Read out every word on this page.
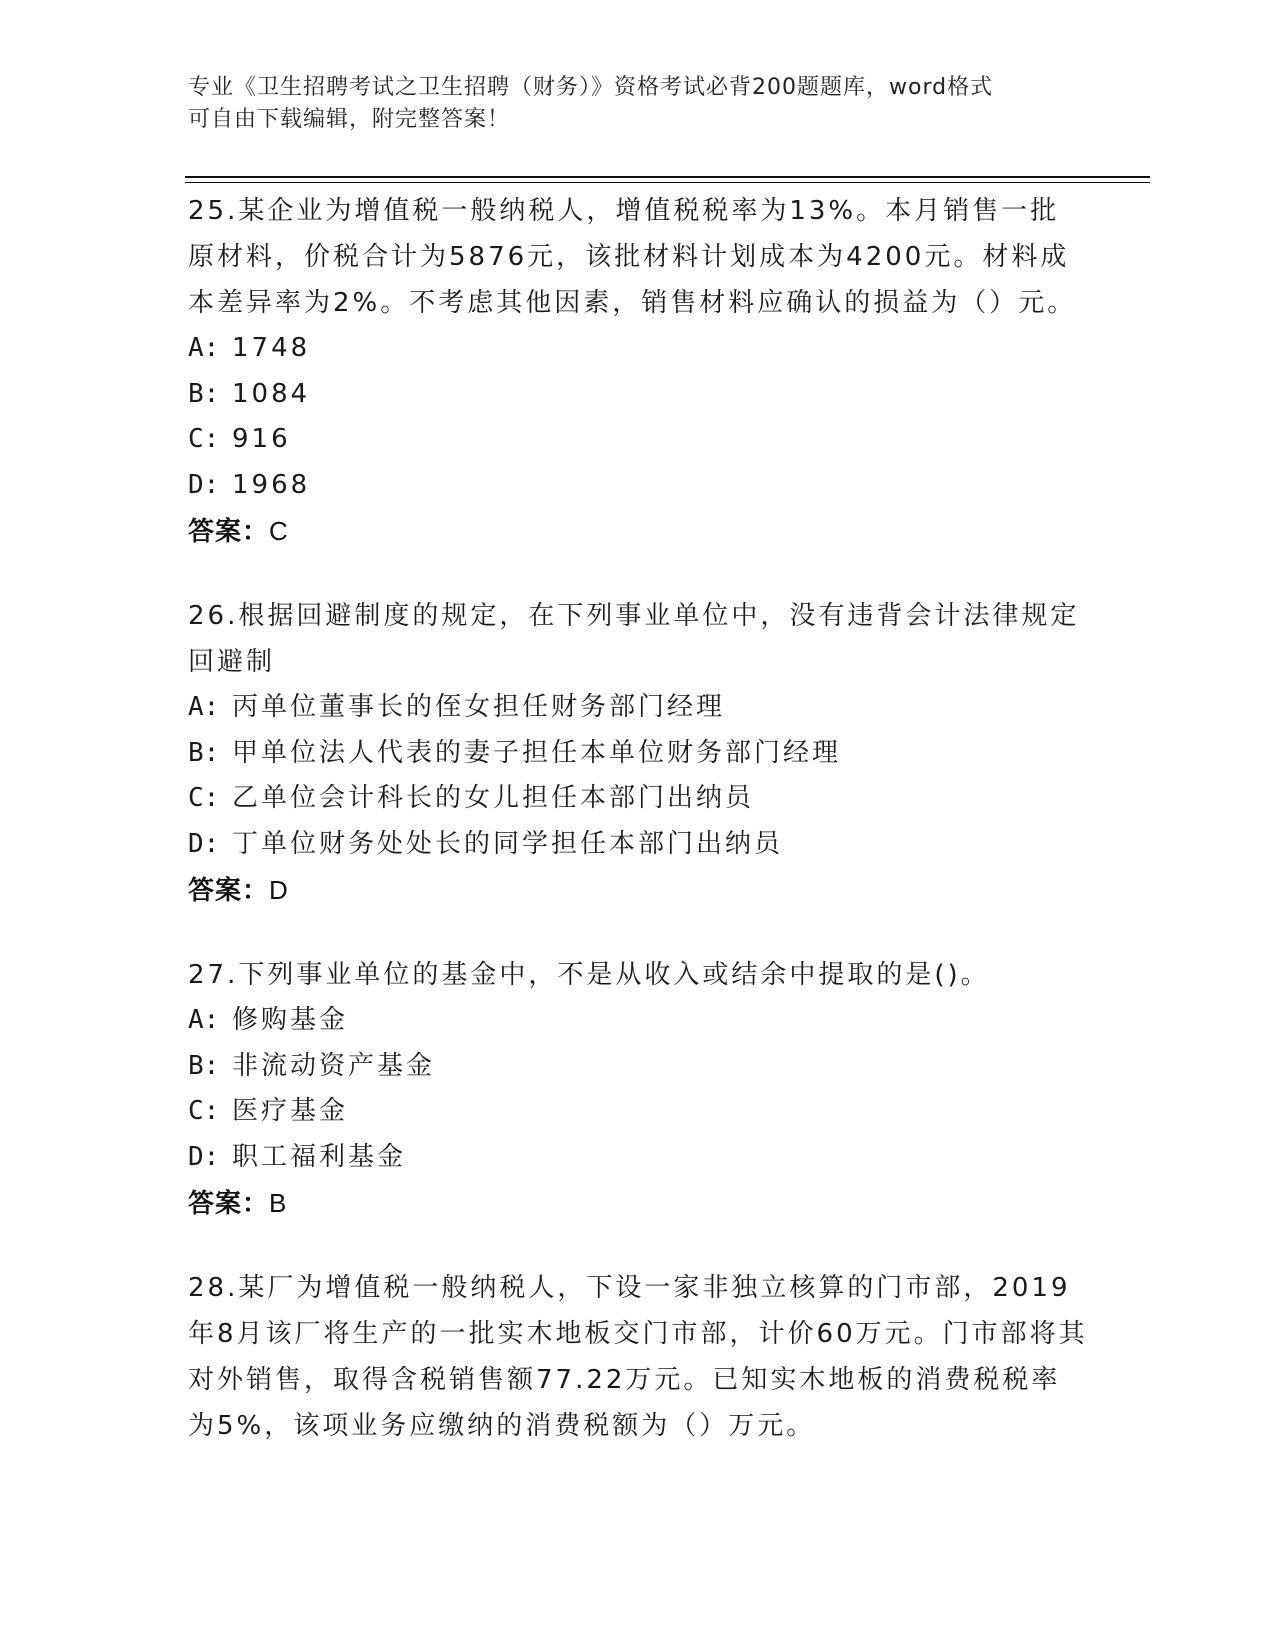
专业《卫生招聘考试之卫生招聘（财务）》资格考试必背200题题库，word格式
可自由下载编辑，附完整答案！
25.某企业为增值税一般纳税人，增值税税率为13%。本月销售一批原材料，价税合计为5876元，该批材料计划成本为4200元。材料成本差异率为2%。不考虑其他因素，销售材料应确认的损益为（）元。
A: 1748
B: 1084
C: 916
D: 1968
答案：C
26.根据回避制度的规定，在下列事业单位中，没有违背会计法律规定回避制
A: 丙单位董事长的侄女担任财务部门经理
B: 甲单位法人代表的妻子担任本单位财务部门经理
C: 乙单位会计科长的女儿担任本部门出纳员
D: 丁单位财务处处长的同学担任本部门出纳员
答案：D
27.下列事业单位的基金中，不是从收入或结余中提取的是()。
A: 修购基金
B: 非流动资产基金
C: 医疗基金
D: 职工福利基金
答案：B
28.某厂为增值税一般纳税人，下设一家非独立核算的门市部，2019年8月该厂将生产的一批实木地板交门市部，计价60万元。门市部将其对外销售，取得含税销售额77.22万元。已知实木地板的消费税税率为5%，该项业务应缴纳的消费税额为（）万元。
